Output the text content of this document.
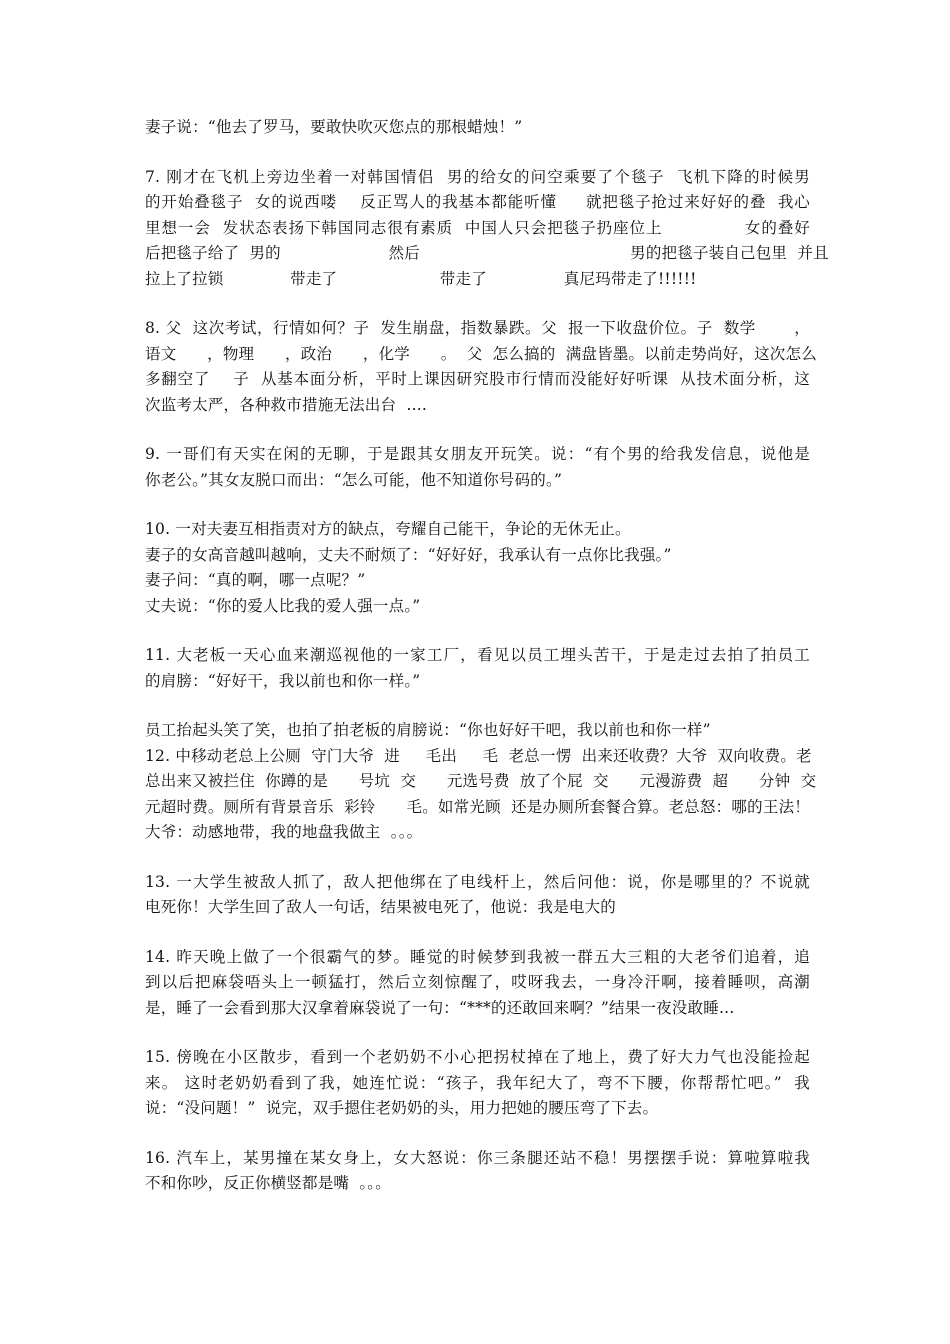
妻子说：“他去了罗马，要敢快吹灭您点的那根蜡烛！”
7. 刚才在飞机上旁边坐着一对韩国情侣  男的给女的问空乘要了个毯子  飞机下降的时候男
的开始叠毯子  女的说西喽    反正骂人的我基本都能听懂     就把毯子抢过来好好的叠  我心
里想一会  发状态表扬下韩国同志很有素质  中国人只会把毯子扔座位上              女的叠好
后把毯子给了  男的                     然后                                         男的把毯子装自己包里  并且
拉上了拉锁             带走了                    带走了               真尼玛带走了!!!!!!
8. 父  这次考试，行情如何？子  发生崩盘，指数暴跌。父  报一下收盘价位。子  数学       ，
语文      ，物理      ，政治      ，化学      。  父  怎么搞的  满盘皆墨。以前走势尚好，这次怎么
多翻空了    子  从基本面分析，平时上课因研究股市行情而没能好好听课  从技术面分析，这
次监考太严，各种救市措施无法出台  ....
9. 一哥们有天实在闲的无聊，于是跟其女朋友开玩笑。说：“有个男的给我发信息，说他是
你老公。”其女友脱口而出：“怎么可能，他不知道你号码的。”
10. 一对夫妻互相指责对方的缺点，夸耀自己能干，争论的无休无止。
妻子的女高音越叫越响，丈夫不耐烦了：“好好好，我承认有一点你比我强。”
妻子问：“真的啊，哪一点呢？”
丈夫说：“你的爱人比我的爱人强一点。”
11. 大老板一天心血来潮巡视他的一家工厂，看见以员工埋头苦干，于是走过去拍了拍员工
的肩膀：“好好干，我以前也和你一样。”
员工抬起头笑了笑，也拍了拍老板的肩膀说：“你也好好干吧，我以前也和你一样”
12. 中移动老总上公厕  守门大爷  进     毛出     毛  老总一愣  出来还收费？大爷  双向收费。老
总出来又被拦住  你蹲的是      号坑  交      元选号费  放了个屁  交      元漫游费  超      分钟  交
元超时费。厕所有背景音乐  彩铃      毛。如常光顾  还是办厕所套餐合算。老总怒：哪的王法！
大爷：动感地带，我的地盘我做主  。。。
13. 一大学生被敌人抓了，敌人把他绑在了电线杆上，然后问他：说，你是哪里的？不说就
电死你！大学生回了敌人一句话，结果被电死了，他说：我是电大的
14. 昨天晚上做了一个很霸气的梦。睡觉的时候梦到我被一群五大三粗的大老爷们追着，追
到以后把麻袋唔头上一顿猛打，然后立刻惊醒了，哎呀我去，一身冷汗啊，接着睡呗，高潮
是，睡了一会看到那大汉拿着麻袋说了一句：“***的还敢回来啊？”结果一夜没敢睡…
15. 傍晚在小区散步，看到一个老奶奶不小心把拐杖掉在了地上，费了好大力气也没能捡起
来。 这时老奶奶看到了我，她连忙说：“孩子，我年纪大了，弯不下腰，你帮帮忙吧。”  我
说：“没问题！”  说完，双手摁住老奶奶的头，用力把她的腰压弯了下去。
16. 汽车上，某男撞在某女身上，女大怒说：你三条腿还站不稳！男摆摆手说：算啦算啦我
不和你吵，反正你横竖都是嘴  。。。
